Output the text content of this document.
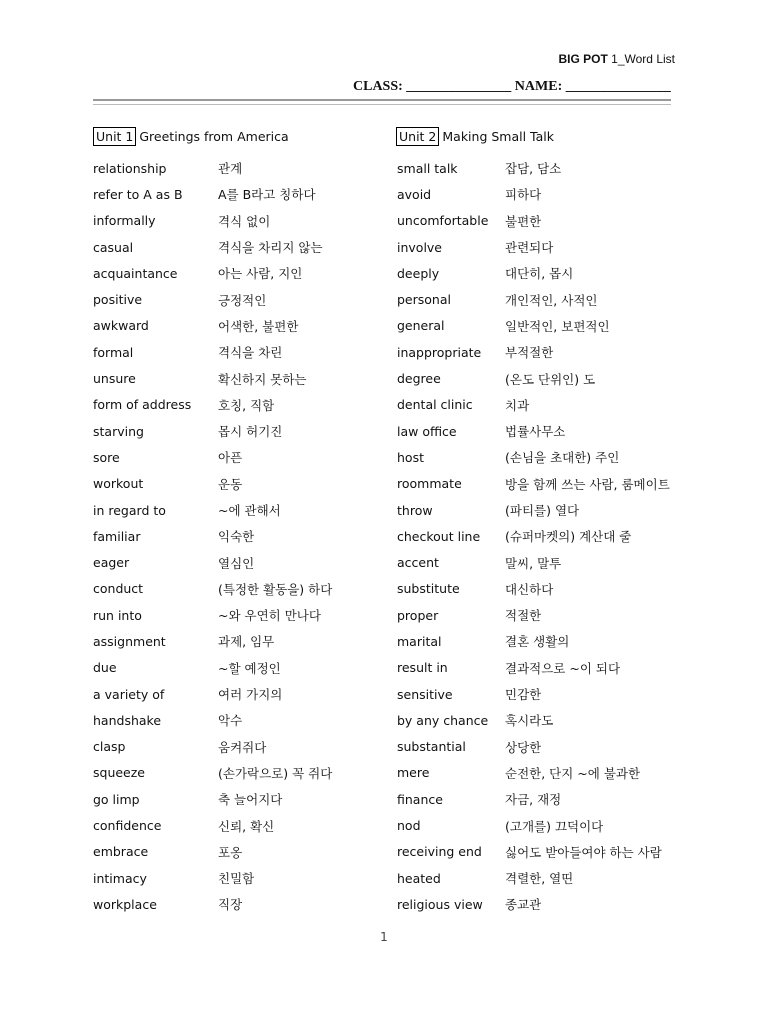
BIG POT 1_Word List
CLASS: _______________ NAME: _______________
Unit 1 Greetings from America	Unit 2 Making Small Talk
relationship	관계
refer to A as B	A를 B라고 칭하다
informally	격식 없이
casual	격식을 차리지 않는
acquaintance	아는 사람, 지인
positive	긍정적인
awkward	어색한, 불편한
formal	격식을 차린
unsure	확신하지 못하는
form of address	호칭, 직함
starving	몹시 허기진
sore	아픈
workout	운동
in regard to	~에 관해서
familiar	익숙한
eager	열심인
conduct	(특정한 활동을) 하다
run into	~와 우연히 만나다
assignment	과제, 임무
due	~할 예정인
a variety of	여러 가지의
handshake	악수
clasp	움켜쥐다
squeeze	(손가락으로) 꼭 쥐다
go limp	축 늘어지다
confidence	신뢰, 확신
embrace	포옹
intimacy	친밀함
workplace	직장
small talk	잡담, 담소
avoid	피하다
uncomfortable	불편한
involve	관련되다
deeply	대단히, 몹시
personal	개인적인, 사적인
general	일반적인, 보편적인
inappropriate	부적절한
degree	(온도 단위인) 도
dental clinic	치과
law office	법률사무소
host	(손님을 초대한) 주인
roommate	방을 함께 쓰는 사람, 룸메이트
throw	(파티를) 열다
checkout line	(슈퍼마켓의) 계산대 줄
accent	말씨, 말투
substitute	대신하다
proper	적절한
marital	결혼 생활의
result in	결과적으로 ~이 되다
sensitive	민감한
by any chance	혹시라도
substantial	상당한
mere	순전한, 단지 ~에 불과한
finance	자금, 재정
nod	(고개를) 끄덕이다
receiving end	싫어도 받아들여야 하는 사람
heated	격렬한, 열띤
religious view	종교관
1
